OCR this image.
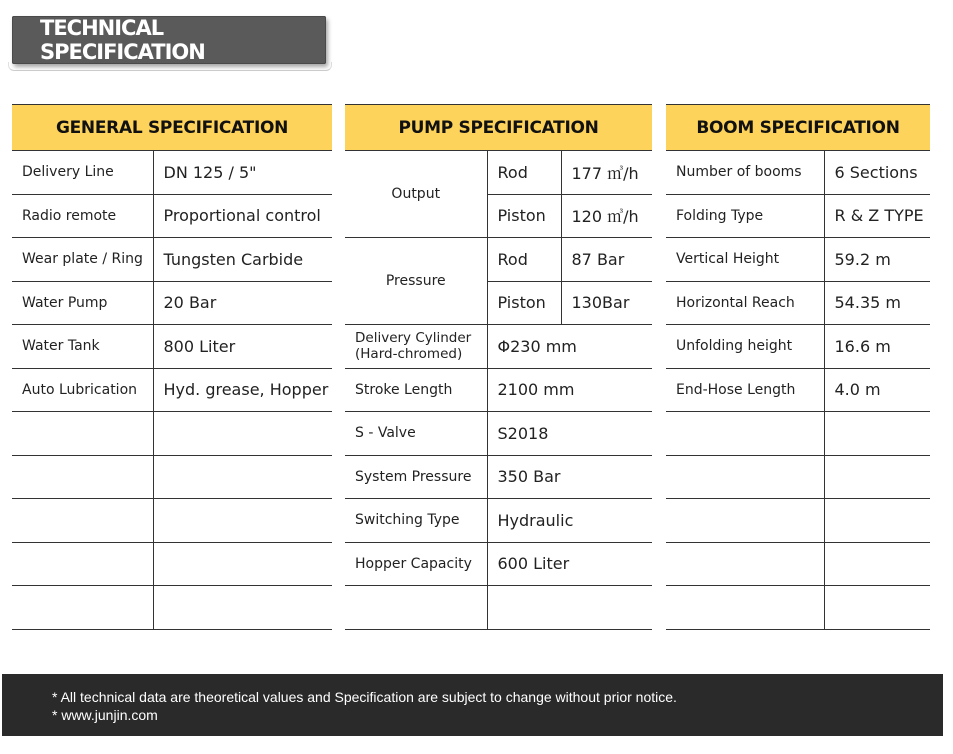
TECHNICAL SPECIFICATION
GENERAL SPECIFICATION	
Delivery Line	DN 125 / 5"
Radio remote	Proportional control
Wear plate / Ring	Tungsten Carbide
Water Pump	20 Bar
Water Tank	800 Liter
Auto Lubrication	Hyd. grease, Hopper

PUMP SPECIFICATION		
Output	Rod	177 ㎥/h
	Piston	120 ㎥/h
Pressure	Rod	87 Bar
	Piston	130Bar

Delivery Cylinder
(Hard-chromed)	Φ230 mm	
Stroke Length	2100 mm	
S - Valve	S2018	
System Pressure	350 Bar	
Switching Type	Hydraulic	
Hopper Capacity	600 Liter	

BOOM SPECIFICATION	
Number of booms	6 Sections
Folding Type	R & Z TYPE
Vertical Height	59.2 m
Horizontal Reach	54.35 m
Unfolding height	16.6 m
End-Hose Length	4.0 m

* All technical data are theoretical values and Specification are subject to change without prior notice.
* www.junjin.com
